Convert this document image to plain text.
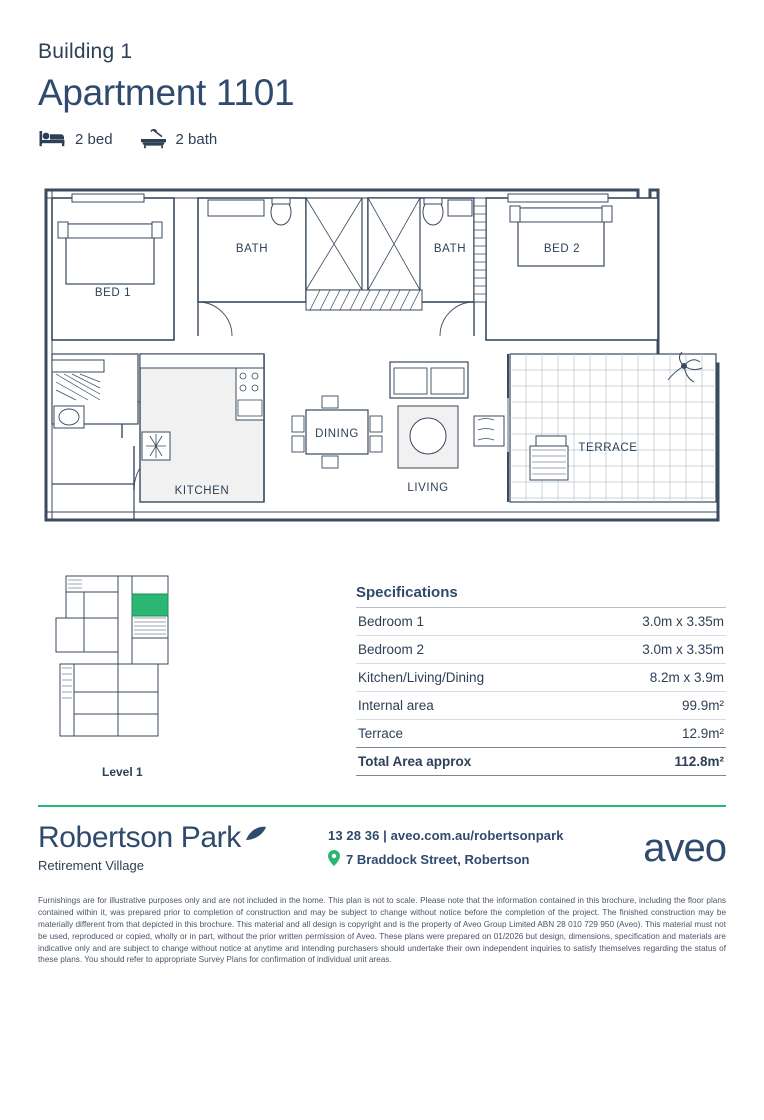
Building 1
Apartment 1101
2 bed	2 bath
BED 1
BATH	BATH	BED 2
KITCHEN
DINING
LIVING
TERRACE
Level 1
Specifications
Bedroom 1	3.0m x 3.35m
Bedroom 2	3.0m x 3.35m
Kitchen/Living/Dining	8.2m x 3.9m
Internal area	99.9m²
Terrace	12.9m²
Total Area approx	112.8m²
Robertson Park
Retirement Village
13 28 36 | aveo.com.au/robertsonpark
7 Braddock Street, Robertson	aveo
Furnishings are for illustrative purposes only and are not included in the home. This plan is not to scale. Please note that the information contained in this brochure, including the floor plans contained within it, was prepared prior to completion of construction and may be subject to change without notice before the completion of the project. The finished construction may be materially different from that depicted in this brochure. This material and all design is copyright and is the property of Aveo Group Limited ABN 28 010 729 950 (Aveo). This material must not be used, reproduced or copied, wholly or in part, without the prior written permission of Aveo. These plans were prepared on 01/2026 but design, dimensions, specification and materials are indicative only and are subject to change without notice at anytime and intending purchasers should undertake their own independent inquiries to satisfy themselves regarding the status of these plans. You should refer to appropriate Survey Plans for confirmation of individual unit areas.
